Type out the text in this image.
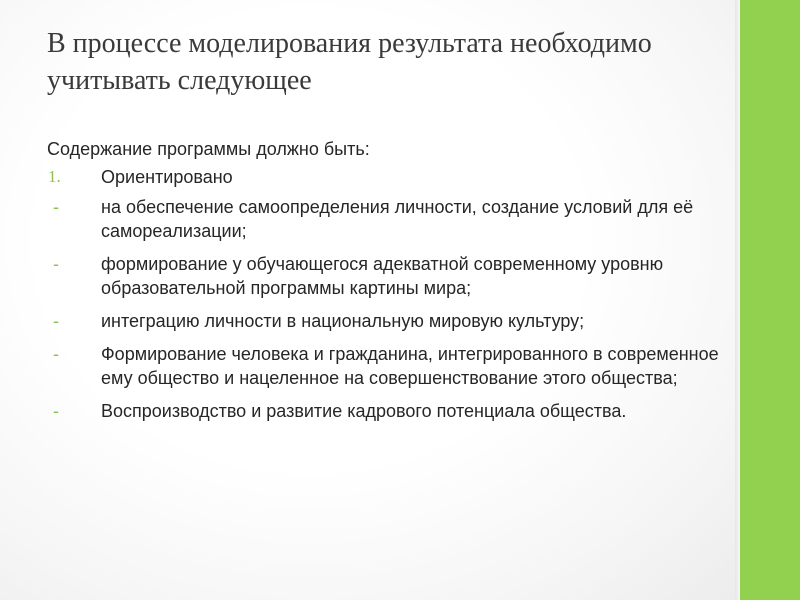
В процессе моделирования результата необходимо учитывать следующее

Содержание программы должно быть:

1.	Ориентировано
-	на обеспечение самоопределения личности, создание условий для её самореализации;
-	формирование у обучающегося адекватной современному уровню образовательной программы картины мира;
-	интеграцию личности в национальную мировую культуру;
-	Формирование человека и гражданина, интегрированного в современное ему общество и нацеленное на совершенствование этого общества;
-	Воспроизводство и развитие кадрового потенциала общества.
